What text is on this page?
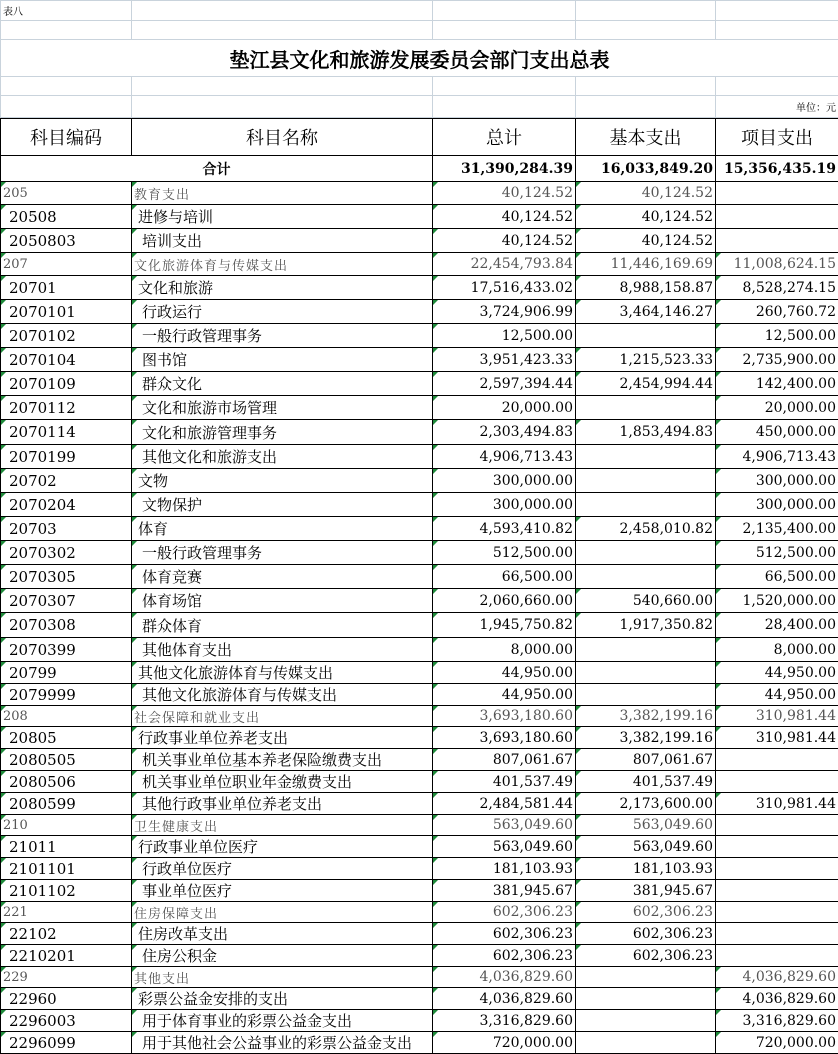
表八				

垫江县文化和旅游发展委员会部门支出总表				

				单位：元
科目编码	科目名称	总计	基本支出	项目支出
合计		31,390,284.39	16,033,849.20	15,356,435.19
205	教育支出	40,124.52	40,124.52	
20508	进修与培训	40,124.52	40,124.52	
2050803	培训支出	40,124.52	40,124.52	
207	文化旅游体育与传媒支出	22,454,793.84	11,446,169.69	11,008,624.15
20701	文化和旅游	17,516,433.02	8,988,158.87	8,528,274.15
2070101	行政运行	3,724,906.99	3,464,146.27	260,760.72
2070102	一般行政管理事务	12,500.00		12,500.00
2070104	图书馆	3,951,423.33	1,215,523.33	2,735,900.00
2070109	群众文化	2,597,394.44	2,454,994.44	142,400.00
2070112	文化和旅游市场管理	20,000.00		20,000.00
2070114	文化和旅游管理事务	2,303,494.83	1,853,494.83	450,000.00
2070199	其他文化和旅游支出	4,906,713.43		4,906,713.43
20702	文物	300,000.00		300,000.00
2070204	文物保护	300,000.00		300,000.00
20703	体育	4,593,410.82	2,458,010.82	2,135,400.00
2070302	一般行政管理事务	512,500.00		512,500.00
2070305	体育竞赛	66,500.00		66,500.00
2070307	体育场馆	2,060,660.00	540,660.00	1,520,000.00
2070308	群众体育	1,945,750.82	1,917,350.82	28,400.00
2070399	其他体育支出	8,000.00		8,000.00
20799	其他文化旅游体育与传媒支出	44,950.00		44,950.00
2079999	其他文化旅游体育与传媒支出	44,950.00		44,950.00
208	社会保障和就业支出	3,693,180.60	3,382,199.16	310,981.44
20805	行政事业单位养老支出	3,693,180.60	3,382,199.16	310,981.44
2080505	机关事业单位基本养老保险缴费支出	807,061.67	807,061.67	
2080506	机关事业单位职业年金缴费支出	401,537.49	401,537.49	
2080599	其他行政事业单位养老支出	2,484,581.44	2,173,600.00	310,981.44
210	卫生健康支出	563,049.60	563,049.60	
21011	行政事业单位医疗	563,049.60	563,049.60	
2101101	行政单位医疗	181,103.93	181,103.93	
2101102	事业单位医疗	381,945.67	381,945.67	
221	住房保障支出	602,306.23	602,306.23	
22102	住房改革支出	602,306.23	602,306.23	
2210201	住房公积金	602,306.23	602,306.23	
229	其他支出	4,036,829.60		4,036,829.60
22960	彩票公益金安排的支出	4,036,829.60		4,036,829.60
2296003	用于体育事业的彩票公益金支出	3,316,829.60		3,316,829.60
2296099	用于其他社会公益事业的彩票公益金支出	720,000.00		720,000.00
